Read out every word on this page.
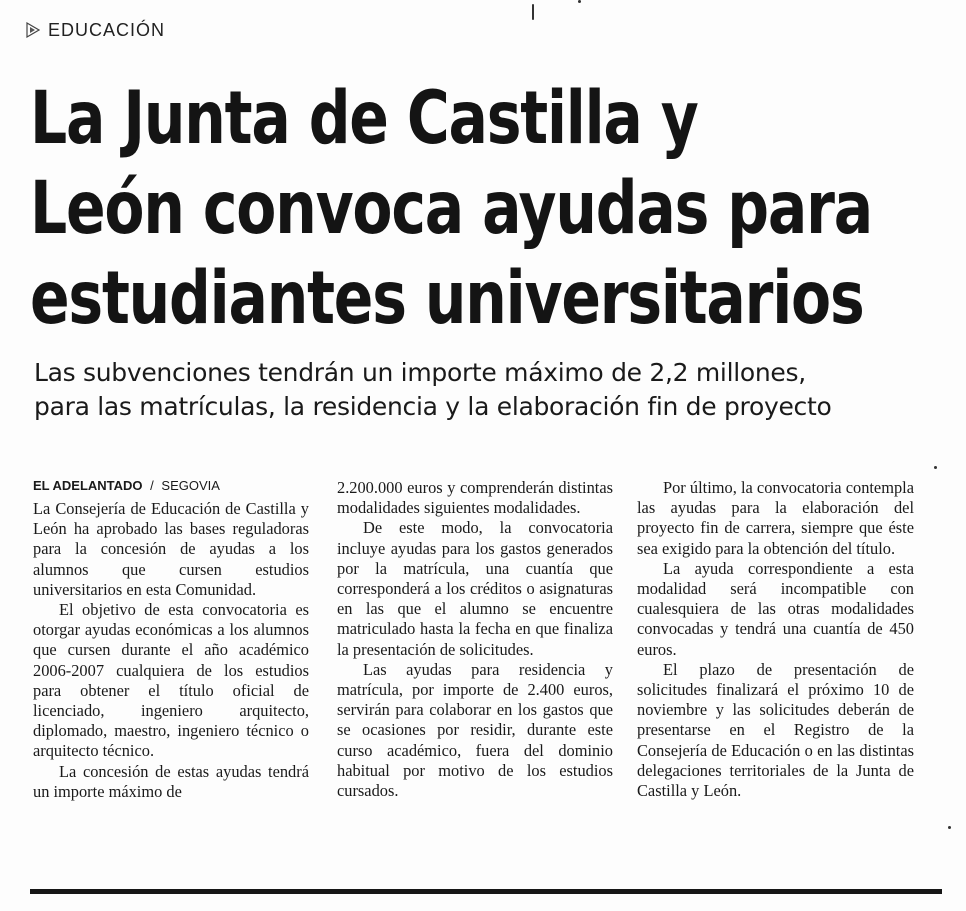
EDUCACIÓN
La Junta de Castilla y
León convoca ayudas para
estudiantes universitarios
Las subvenciones tendrán un importe máximo de 2,2 millones,
para las matrículas, la residencia y la elaboración fin de proyecto
EL ADELANTADO / SEGOVIA

La Consejería de Educación de Castilla y León ha aprobado las bases reguladoras para la concesión de ayudas a los alumnos que cursen estudios universitarios en esta Comunidad.

El objetivo de esta convocatoria es otorgar ayudas económicas a los alumnos que cursen durante el año académico 2006-2007 cualquiera de los estudios para obtener el título oficial de licenciado, ingeniero arquitecto, diplomado, maestro, ingeniero técnico o arquitecto técnico.

La concesión de estas ayudas tendrá un importe máximo de

2.200.000 euros y comprenderán distintas modalidades siguientes modalidades.

De este modo, la convocatoria incluye ayudas para los gastos generados por la matrícula, una cuantía que corresponderá a los créditos o asignaturas en las que el alumno se encuentre matriculado hasta la fecha en que finaliza la presentación de solicitudes.

Las ayudas para residencia y matrícula, por importe de 2.400 euros, servirán para colaborar en los gastos que se ocasiones por residir, durante este curso académico, fuera del dominio habitual por motivo de los estudios cursados.

Por último, la convocatoria contempla las ayudas para la elaboración del proyecto fin de carrera, siempre que éste sea exigido para la obtención del título.

La ayuda correspondiente a esta modalidad será incompatible con cualesquiera de las otras modalidades convocadas y tendrá una cuantía de 450 euros.

El plazo de presentación de solicitudes finalizará el próximo 10 de noviembre y las solicitudes deberán de presentarse en el Registro de la Consejería de Educación o en las distintas delegaciones territoriales de la Junta de Castilla y León.
